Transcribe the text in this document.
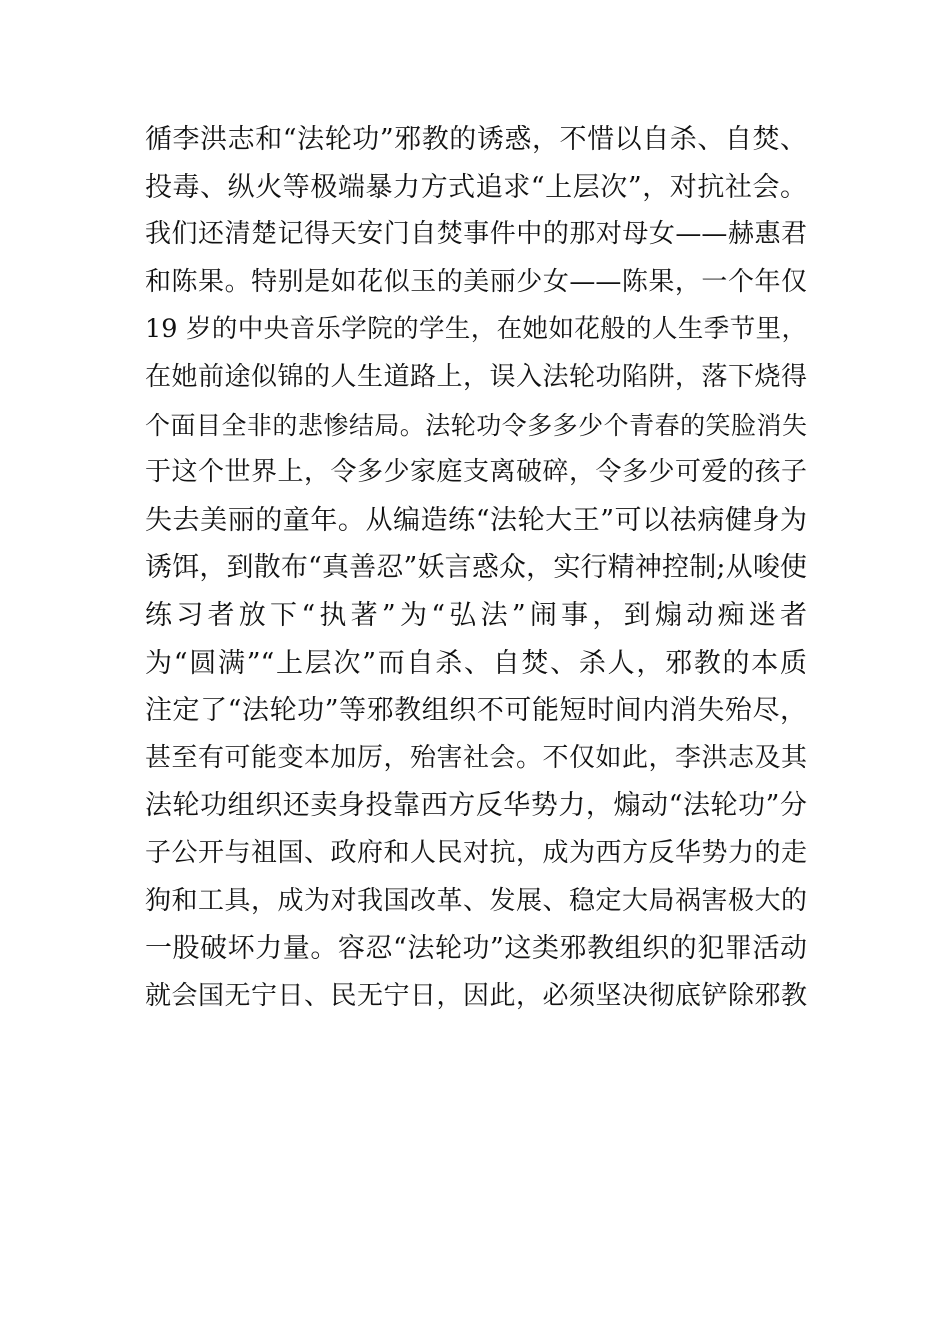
循李洪志和“法轮功”邪教的诱惑，不惜以自杀、自焚、
投毒、纵火等极端暴力方式追求“上层次”，对抗社会。
我们还清楚记得天安门自焚事件中的那对母女——赫惠君
和陈果。特别是如花似玉的美丽少女——陈果，一个年仅
19 岁的中央音乐学院的学生，在她如花般的人生季节里，
在她前途似锦的人生道路上，误入法轮功陷阱，落下烧得
个面目全非的悲惨结局。法轮功令多多少个青春的笑脸消失
于这个世界上，令多少家庭支离破碎，令多少可爱的孩子
失去美丽的童年。从编造练“法轮大王”可以祛病健身为
诱饵，到散布“真善忍”妖言惑众，实行精神控制;从唆使
练习者放下“执著”为“弘法”闹事，到煽动痴迷者
为“圆满”“上层次”而自杀、自焚、杀人，邪教的本质
注定了“法轮功”等邪教组织不可能短时间内消失殆尽，
甚至有可能变本加厉，殆害社会。不仅如此，李洪志及其
法轮功组织还卖身投靠西方反华势力，煽动“法轮功”分
子公开与祖国、政府和人民对抗，成为西方反华势力的走
狗和工具，成为对我国改革、发展、稳定大局祸害极大的
一股破坏力量。容忍“法轮功”这类邪教组织的犯罪活动
就会国无宁日、民无宁日，因此，必须坚决彻底铲除邪教
